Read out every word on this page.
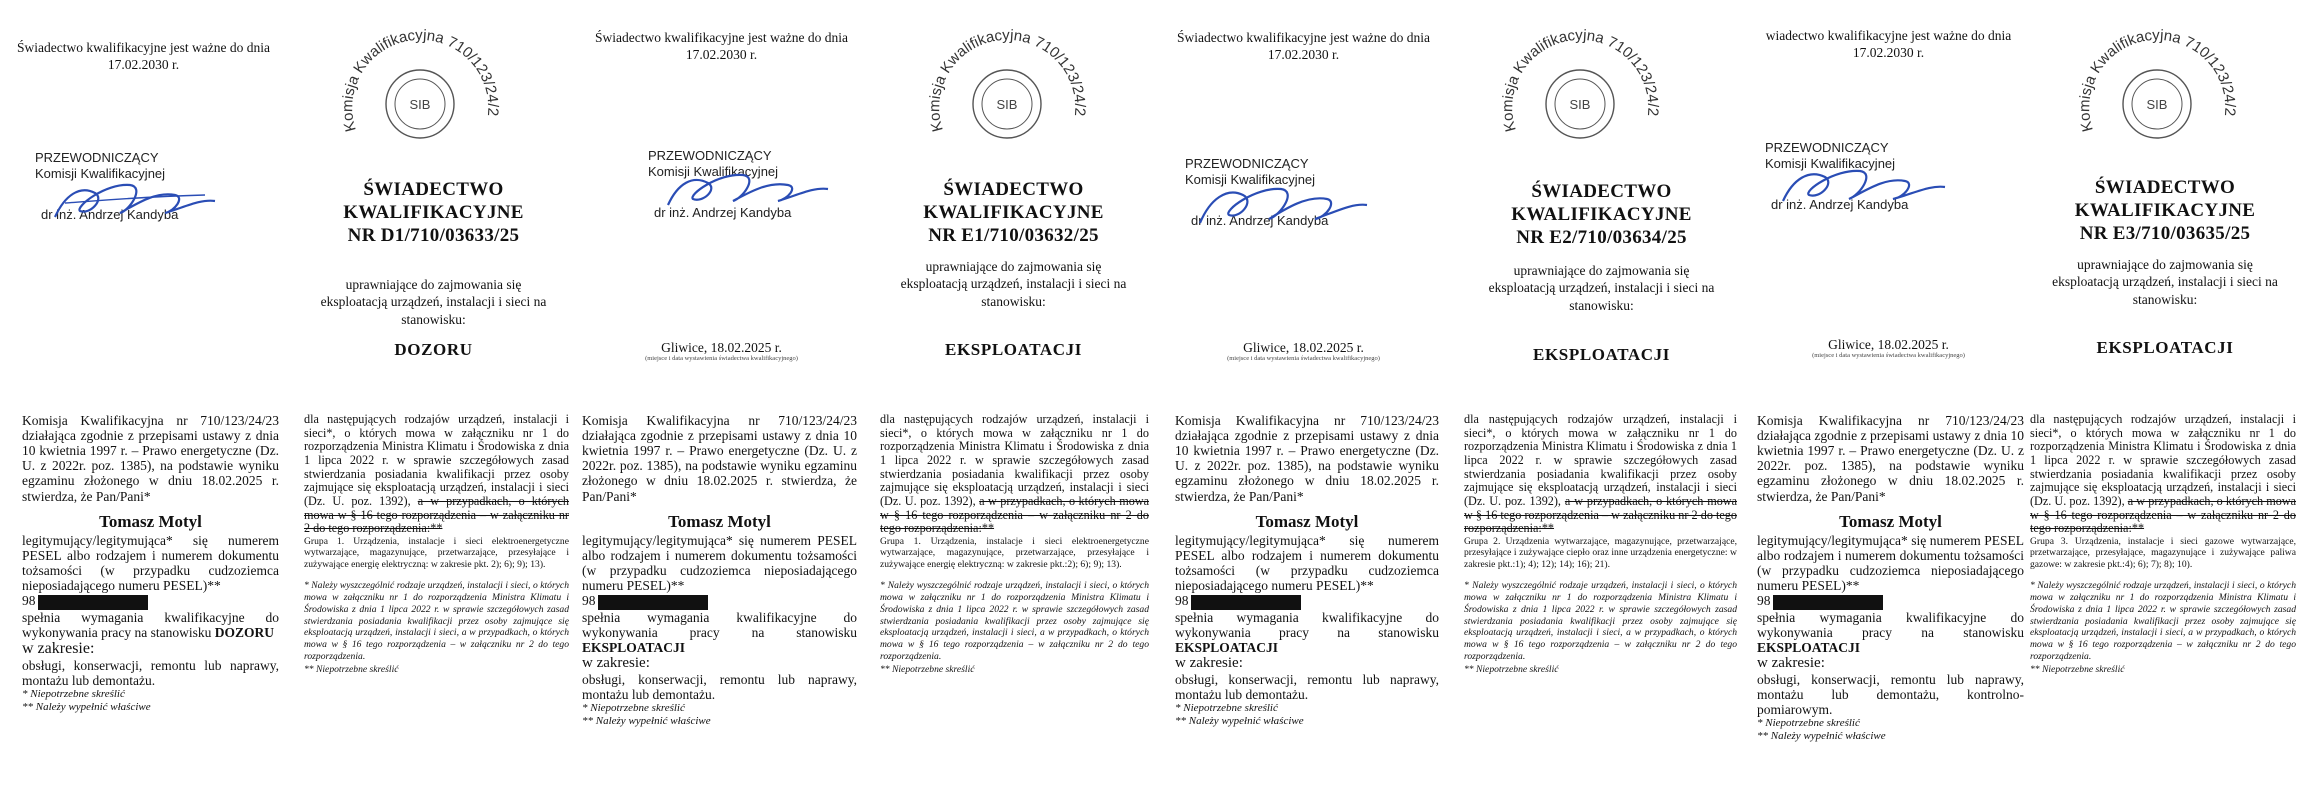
Świadectwo kwalifikacyjne jest ważne do dnia 17.02.2030 r.
PRZEWODNICZĄCY
Komisji Kwalifikacyjnej
dr inż. Andrzej Kandyba
Komisja Kwalifikacyjna nr 710/123/24/23 działająca zgodnie z przepisami ustawy z dnia 10 kwietnia 1997 r. – Prawo energetyczne (Dz. U. z 2022r. poz. 1385), na podstawie wyniku egzaminu złożonego w dniu 18.02.2025 r. stwierdza, że Pan/Pani*
Tomasz Motyl
legitymujący/legitymująca* się numerem PESEL albo rodzajem i numerem dokumentu tożsamości (w przypadku cudzoziemca nieposiadającego numeru PESEL)**
98
spełnia wymagania kwalifikacyjne do wykonywania pracy na stanowisku DOZORU
w zakresie:
obsługi, konserwacji, remontu lub naprawy, montażu lub demontażu.
* Niepotrzebne skreślić
** Należy wypełnić właściwe
Komisja Kwalifikacyjna 710/123/24/2
SIB
ŚWIADECTWO
KWALIFIKACYJNE
NR D1/710/03633/25
uprawniające do zajmowania się eksploatacją urządzeń, instalacji i sieci na stanowisku:
DOZORU
dla następujących rodzajów urządzeń, instalacji i sieci*, o których mowa w załączniku nr 1 do rozporządzenia Ministra Klimatu i Środowiska z dnia 1 lipca 2022 r. w sprawie szczegółowych zasad stwierdzania posiadania kwalifikacji przez osoby zajmujące się eksploatacją urządzeń, instalacji i sieci (Dz. U. poz. 1392), a w przypadkach, o których mowa w § 16 tego rozporządzenia – w załączniku nr 2 do tego rozporządzenia:**
Grupa 1. Urządzenia, instalacje i sieci elektroenergetyczne wytwarzające, magazynujące, przetwarzające, przesyłające i zużywające energię elektryczną: w zakresie pkt. 2); 6); 9); 13).
* Należy wyszczególnić rodzaje urządzeń, instalacji i sieci, o których mowa w załączniku nr 1 do rozporządzenia Ministra Klimatu i Środowiska z dnia 1 lipca 2022 r. w sprawie szczegółowych zasad stwierdzania posiadania kwalifikacji przez osoby zajmujące się eksploatacją urządzeń, instalacji i sieci, a w przypadkach, o których mowa w § 16 tego rozporządzenia – w załączniku nr 2 do tego rozporządzenia.
** Niepotrzebne skreślić
Świadectwo kwalifikacyjne jest ważne do dnia 17.02.2030 r.
PRZEWODNICZĄCY
Komisji Kwalifikacyjnej
dr inż. Andrzej Kandyba
Gliwice, 18.02.2025 r.
(miejsce i data wystawienia świadectwa kwalifikacyjnego)
Komisja Kwalifikacyjna nr 710/123/24/23 działająca zgodnie z przepisami ustawy z dnia 10 kwietnia 1997 r. – Prawo energetyczne (Dz. U. z 2022r. poz. 1385), na podstawie wyniku egzaminu złożonego w dniu 18.02.2025 r. stwierdza, że Pan/Pani*
Tomasz Motyl
legitymujący/legitymująca* się numerem PESEL albo rodzajem i numerem dokumentu tożsamości (w przypadku cudzoziemca nieposiadającego numeru PESEL)**
98
spełnia wymagania kwalifikacyjne do wykonywania pracy na stanowisku EKSPLOATACJI
w zakresie:
obsługi, konserwacji, remontu lub naprawy, montażu lub demontażu.
* Niepotrzebne skreślić
** Należy wypełnić właściwe
Komisja Kwalifikacyjna 710/123/24/2
SIB
ŚWIADECTWO
KWALIFIKACYJNE
NR E1/710/03632/25
uprawniające do zajmowania się eksploatacją urządzeń, instalacji i sieci na stanowisku:
EKSPLOATACJI
dla następujących rodzajów urządzeń, instalacji i sieci*, o których mowa w załączniku nr 1 do rozporządzenia Ministra Klimatu i Środowiska z dnia 1 lipca 2022 r. w sprawie szczegółowych zasad stwierdzania posiadania kwalifikacji przez osoby zajmujące się eksploatacją urządzeń, instalacji i sieci (Dz. U. poz. 1392), a w przypadkach, o których mowa w § 16 tego rozporządzenia – w załączniku nr 2 do tego rozporządzenia:**
Grupa 1. Urządzenia, instalacje i sieci elektroenergetyczne wytwarzające, magazynujące, przetwarzające, przesyłające i zużywające energię elektryczną: w zakresie pkt.:2); 6); 9); 13).
* Należy wyszczególnić rodzaje urządzeń, instalacji i sieci, o których mowa w załączniku nr 1 do rozporządzenia Ministra Klimatu i Środowiska z dnia 1 lipca 2022 r. w sprawie szczegółowych zasad stwierdzania posiadania kwalifikacji przez osoby zajmujące się eksploatacją urządzeń, instalacji i sieci, a w przypadkach, o których mowa w § 16 tego rozporządzenia – w załączniku nr 2 do tego rozporządzenia.
** Niepotrzebne skreślić
Świadectwo kwalifikacyjne jest ważne do dnia 17.02.2030 r.
PRZEWODNICZĄCY
Komisji Kwalifikacyjnej
dr inż. Andrzej Kandyba
Gliwice, 18.02.2025 r.
(miejsce i data wystawienia świadectwa kwalifikacyjnego)
Komisja Kwalifikacyjna nr 710/123/24/23 działająca zgodnie z przepisami ustawy z dnia 10 kwietnia 1997 r. – Prawo energetyczne (Dz. U. z 2022r. poz. 1385), na podstawie wyniku egzaminu złożonego w dniu 18.02.2025 r. stwierdza, że Pan/Pani*
Tomasz Motyl
legitymujący/legitymująca* się numerem PESEL albo rodzajem i numerem dokumentu tożsamości (w przypadku cudzoziemca nieposiadającego numeru PESEL)**
98
spełnia wymagania kwalifikacyjne do wykonywania pracy na stanowisku EKSPLOATACJI
w zakresie:
obsługi, konserwacji, remontu lub naprawy, montażu lub demontażu.
* Niepotrzebne skreślić
** Należy wypełnić właściwe
Komisja Kwalifikacyjna 710/123/24/2
SIB
ŚWIADECTWO
KWALIFIKACYJNE
NR E2/710/03634/25
uprawniające do zajmowania się eksploatacją urządzeń, instalacji i sieci na stanowisku:
EKSPLOATACJI
dla następujących rodzajów urządzeń, instalacji i sieci*, o których mowa w załączniku nr 1 do rozporządzenia Ministra Klimatu i Środowiska z dnia 1 lipca 2022 r. w sprawie szczegółowych zasad stwierdzania posiadania kwalifikacji przez osoby zajmujące się eksploatacją urządzeń, instalacji i sieci (Dz. U. poz. 1392), a w przypadkach, o których mowa w § 16 tego rozporządzenia – w załączniku nr 2 do tego rozporządzenia:**
Grupa 2. Urządzenia wytwarzające, magazynujące, przetwarzające, przesyłające i zużywające ciepło oraz inne urządzenia energetyczne: w zakresie pkt.:1); 4); 12); 14); 16); 21).
* Należy wyszczególnić rodzaje urządzeń, instalacji i sieci, o których mowa w załączniku nr 1 do rozporządzenia Ministra Klimatu i Środowiska z dnia 1 lipca 2022 r. w sprawie szczegółowych zasad stwierdzania posiadania kwalifikacji przez osoby zajmujące się eksploatacją urządzeń, instalacji i sieci, a w przypadkach, o których mowa w § 16 tego rozporządzenia – w załączniku nr 2 do tego rozporządzenia.
** Niepotrzebne skreślić
wiadectwo kwalifikacyjne jest ważne do dnia 17.02.2030 r.
PRZEWODNICZĄCY
Komisji Kwalifikacyjnej
dr inż. Andrzej Kandyba
Gliwice, 18.02.2025 r.
(miejsce i data wystawienia świadectwa kwalifikacyjnego)
Komisja Kwalifikacyjna nr 710/123/24/23 działająca zgodnie z przepisami ustawy z dnia 10 kwietnia 1997 r. – Prawo energetyczne (Dz. U. z 2022r. poz. 1385), na podstawie wyniku egzaminu złożonego w dniu 18.02.2025 r. stwierdza, że Pan/Pani*
Tomasz Motyl
legitymujący/legitymująca* się numerem PESEL albo rodzajem i numerem dokumentu tożsamości (w przypadku cudzoziemca nieposiadającego numeru PESEL)**
98
spełnia wymagania kwalifikacyjne do wykonywania pracy na stanowisku EKSPLOATACJI
w zakresie:
obsługi, konserwacji, remontu lub naprawy, montażu lub demontażu, kontrolno-pomiarowym.
* Niepotrzebne skreślić
** Należy wypełnić właściwe
Komisja Kwalifikacyjna 710/123/24/2
SIB
ŚWIADECTWO
KWALIFIKACYJNE
NR E3/710/03635/25
uprawniające do zajmowania się eksploatacją urządzeń, instalacji i sieci na stanowisku:
EKSPLOATACJI
dla następujących rodzajów urządzeń, instalacji i sieci*, o których mowa w załączniku nr 1 do rozporządzenia Ministra Klimatu i Środowiska z dnia 1 lipca 2022 r. w sprawie szczegółowych zasad stwierdzania posiadania kwalifikacji przez osoby zajmujące się eksploatacją urządzeń, instalacji i sieci (Dz. U. poz. 1392), a w przypadkach, o których mowa w § 16 tego rozporządzenia – w załączniku nr 2 do tego rozporządzenia:**
Grupa 3. Urządzenia, instalacje i sieci gazowe wytwarzające, przetwarzające, przesyłające, magazynujące i zużywające paliwa gazowe: w zakresie pkt.:4); 6); 7); 8); 10).
* Należy wyszczególnić rodzaje urządzeń, instalacji i sieci, o których mowa w załączniku nr 1 do rozporządzenia Ministra Klimatu i Środowiska z dnia 1 lipca 2022 r. w sprawie szczegółowych zasad stwierdzania posiadania kwalifikacji przez osoby zajmujące się eksploatacją urządzeń, instalacji i sieci, a w przypadkach, o których mowa w § 16 tego rozporządzenia – w załączniku nr 2 do tego rozporządzenia.
** Niepotrzebne skreślić
